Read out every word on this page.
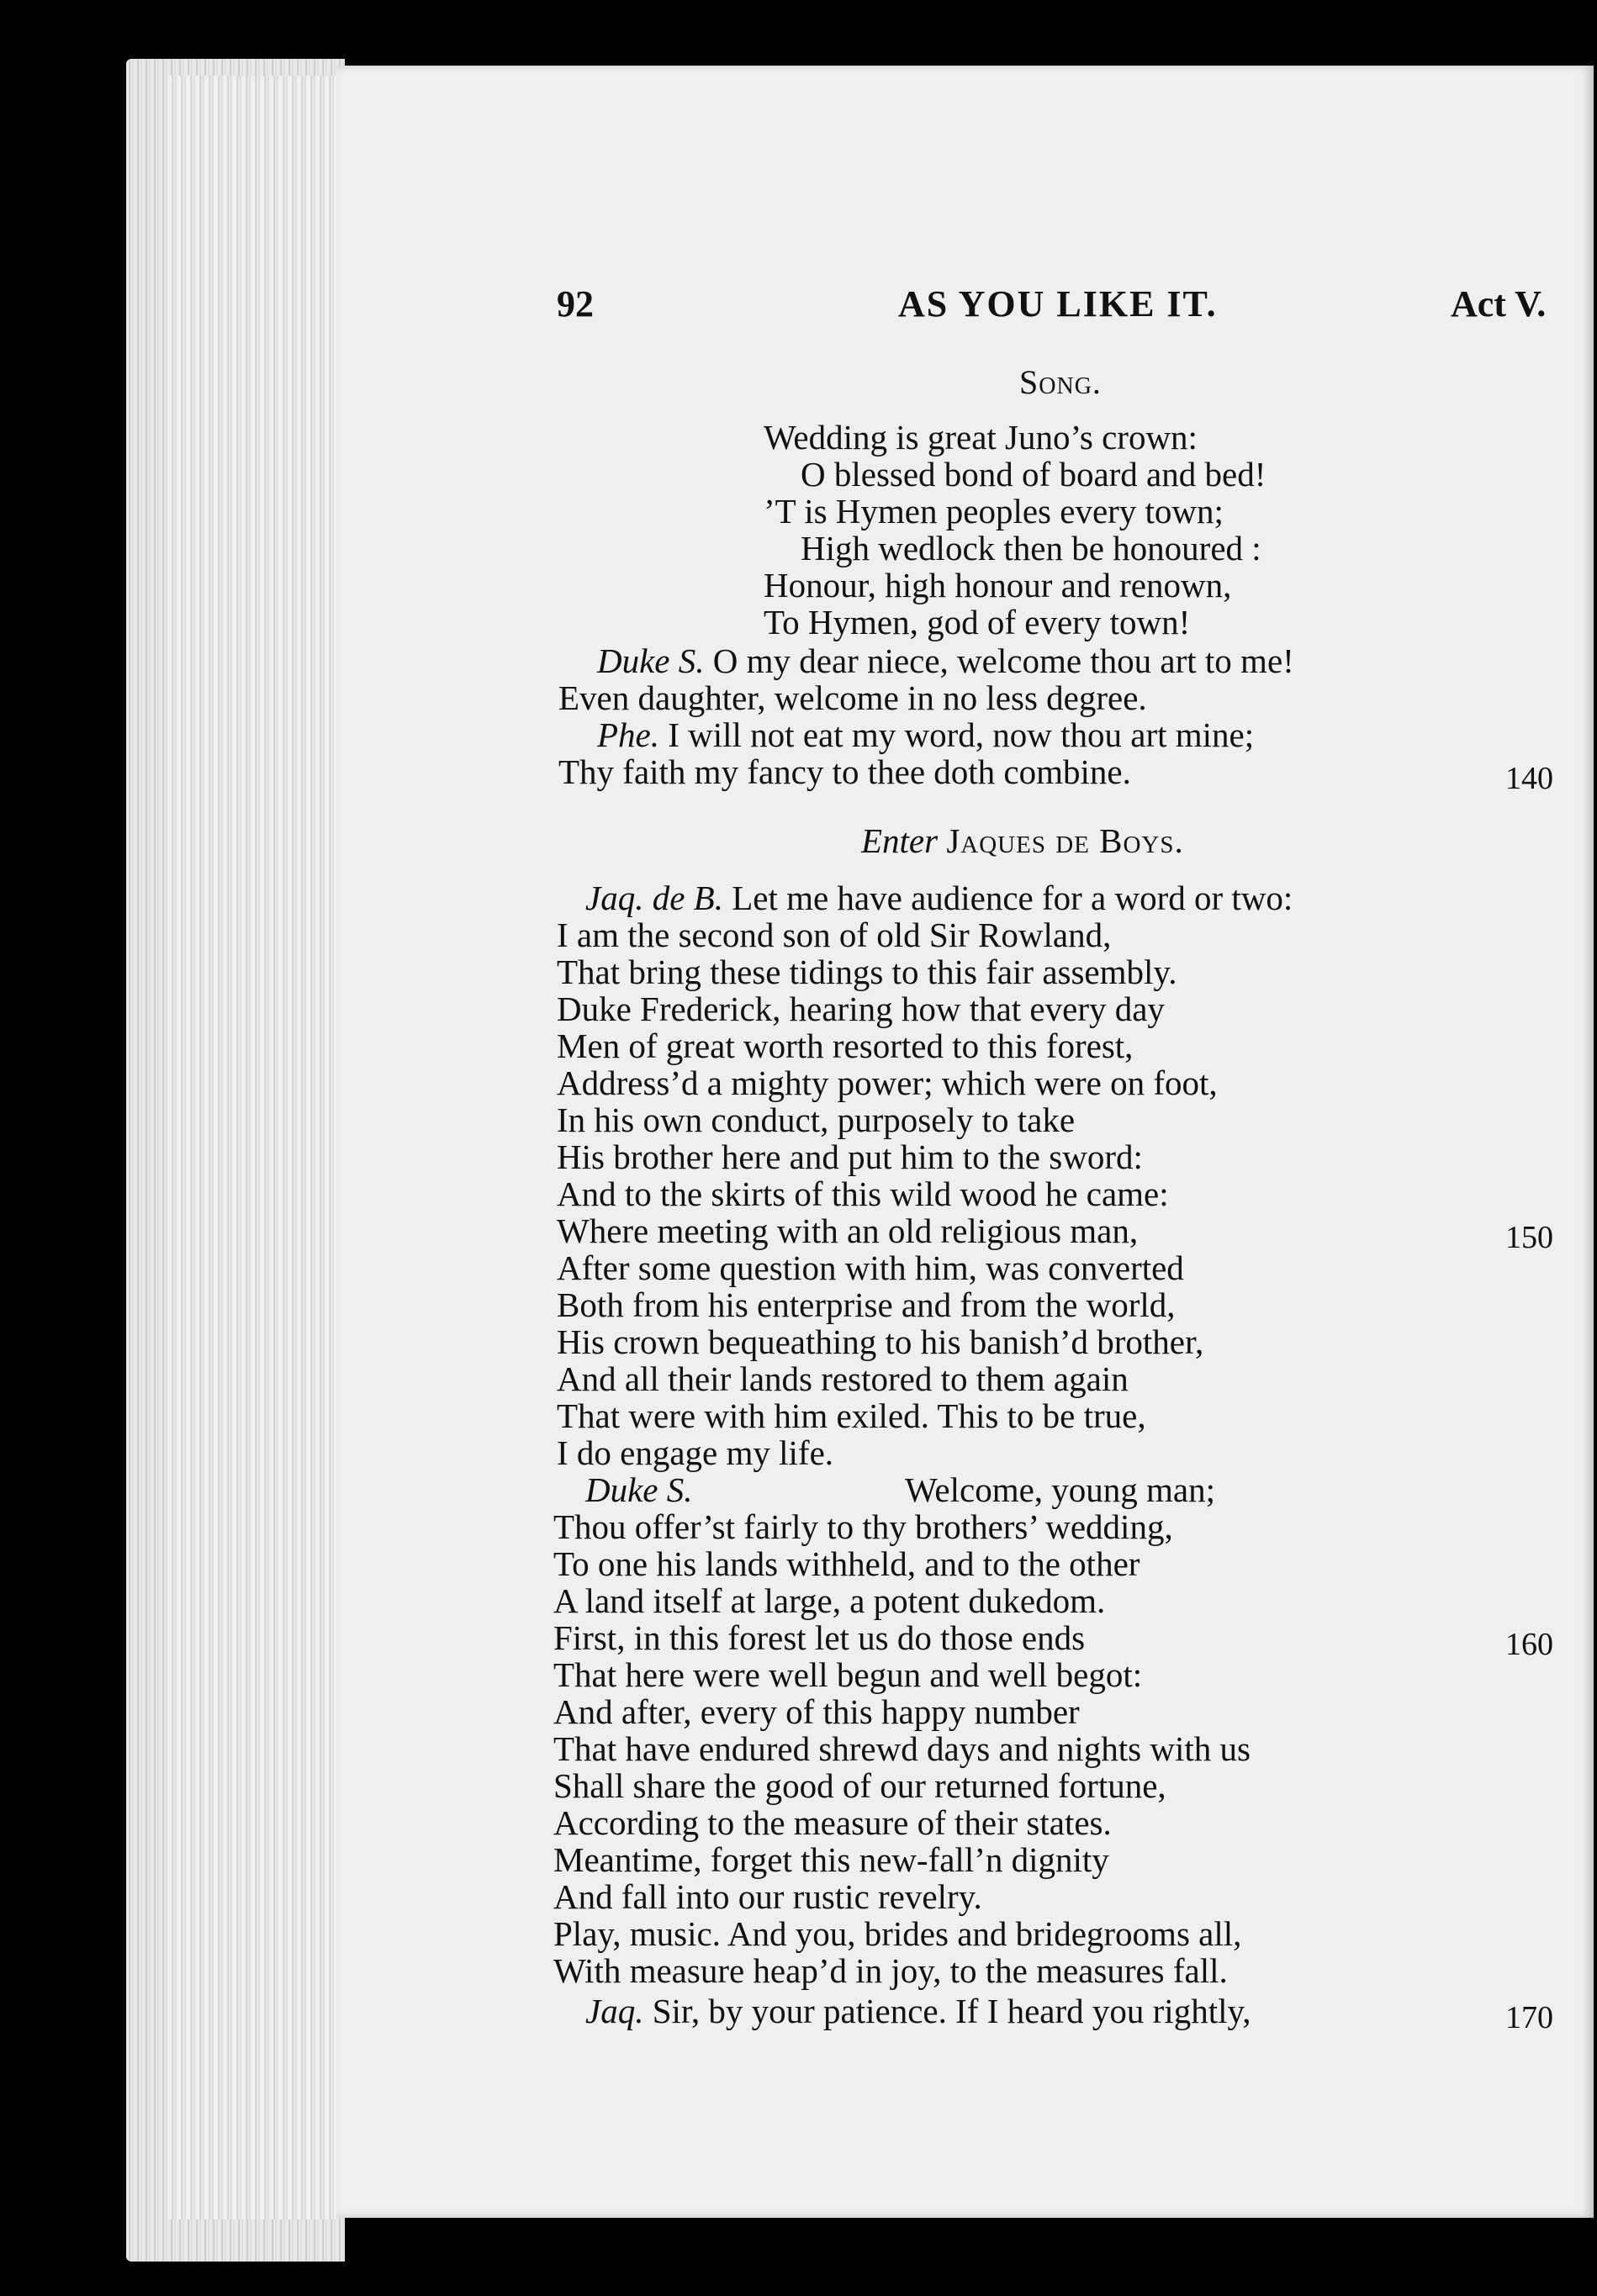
92	AS YOU LIKE IT.	Act V.
Song.
Wedding is great Juno’s crown:
O blessed bond of board and bed!
’T is Hymen peoples every town;
High wedlock then be honoured :
Honour, high honour and renown,
To Hymen, god of every town!
Duke S. O my dear niece, welcome thou art to me!
Even daughter, welcome in no less degree.
Phe. I will not eat my word, now thou art mine;
Thy faith my fancy to thee doth combine.	140
Enter Jaques de Boys.
Jaq. de B. Let me have audience for a word or two:
I am the second son of old Sir Rowland,
That bring these tidings to this fair assembly.
Duke Frederick, hearing how that every day
Men of great worth resorted to this forest,
Address’d a mighty power; which were on foot,
In his own conduct, purposely to take
His brother here and put him to the sword:
And to the skirts of this wild wood he came:
Where meeting with an old religious man,	150
After some question with him, was converted
Both from his enterprise and from the world,
His crown bequeathing to his banish’d brother,
And all their lands restored to them again
That were with him exiled. This to be true,
I do engage my life.
Duke S.	Welcome, young man;
Thou offer’st fairly to thy brothers’ wedding,
To one his lands withheld, and to the other
A land itself at large, a potent dukedom.
First, in this forest let us do those ends	160
That here were well begun and well begot:
And after, every of this happy number
That have endured shrewd days and nights with us
Shall share the good of our returned fortune,
According to the measure of their states.
Meantime, forget this new-fall’n dignity
And fall into our rustic revelry.
Play, music. And you, brides and bridegrooms all,
With measure heap’d in joy, to the measures fall.
Jaq. Sir, by your patience. If I heard you rightly,	170
